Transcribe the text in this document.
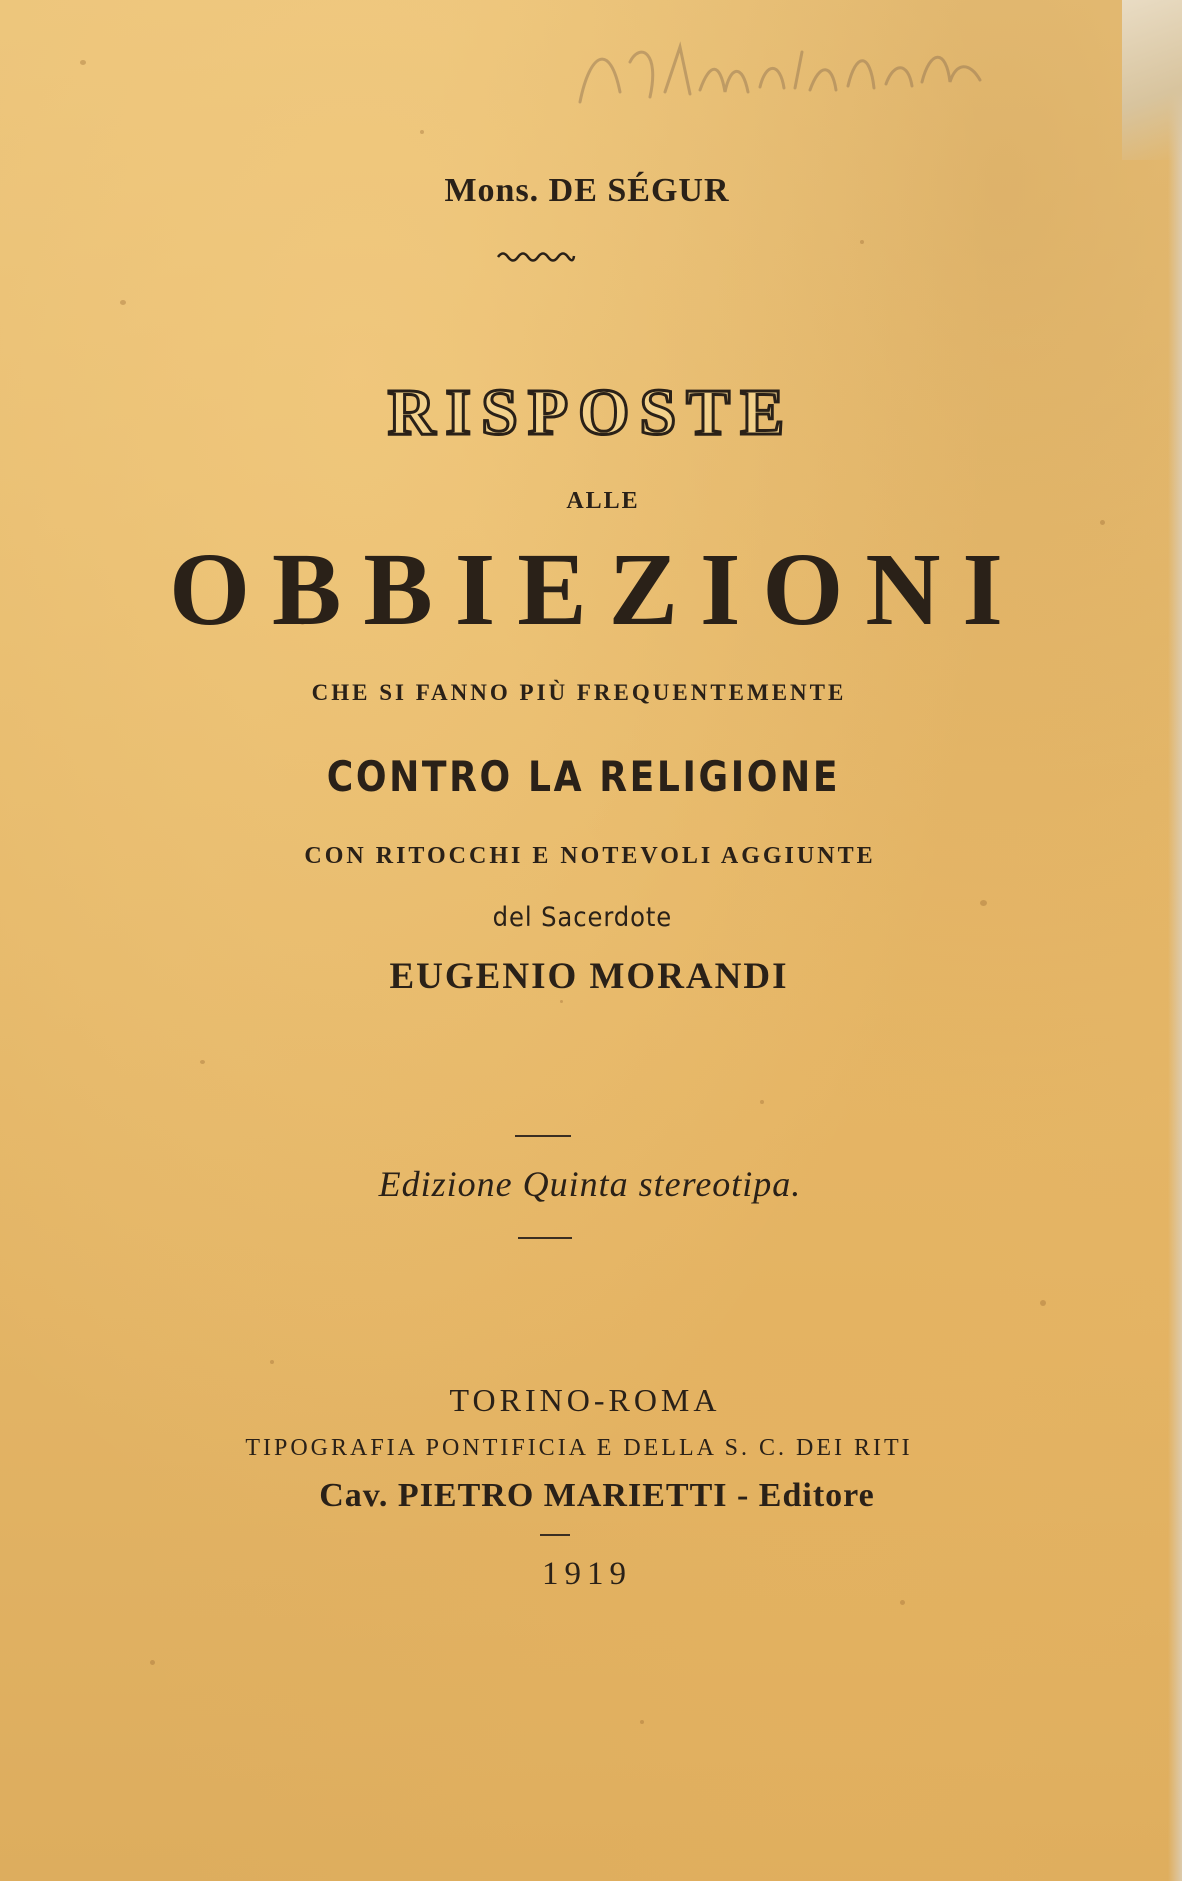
Mons. DE SÉGUR
RISPOSTE
ALLE
OBBIEZIONI
CHE SI FANNO PIÙ FREQUENTEMENTE
CONTRO LA RELIGIONE
CON RITOCCHI E NOTEVOLI AGGIUNTE
del Sacerdote
EUGENIO MORANDI
Edizione Quinta stereotipa.
TORINO-ROMA
TIPOGRAFIA PONTIFICIA E DELLA S. C. DEI RITI
Cav. PIETRO MARIETTI - Editore
1919
